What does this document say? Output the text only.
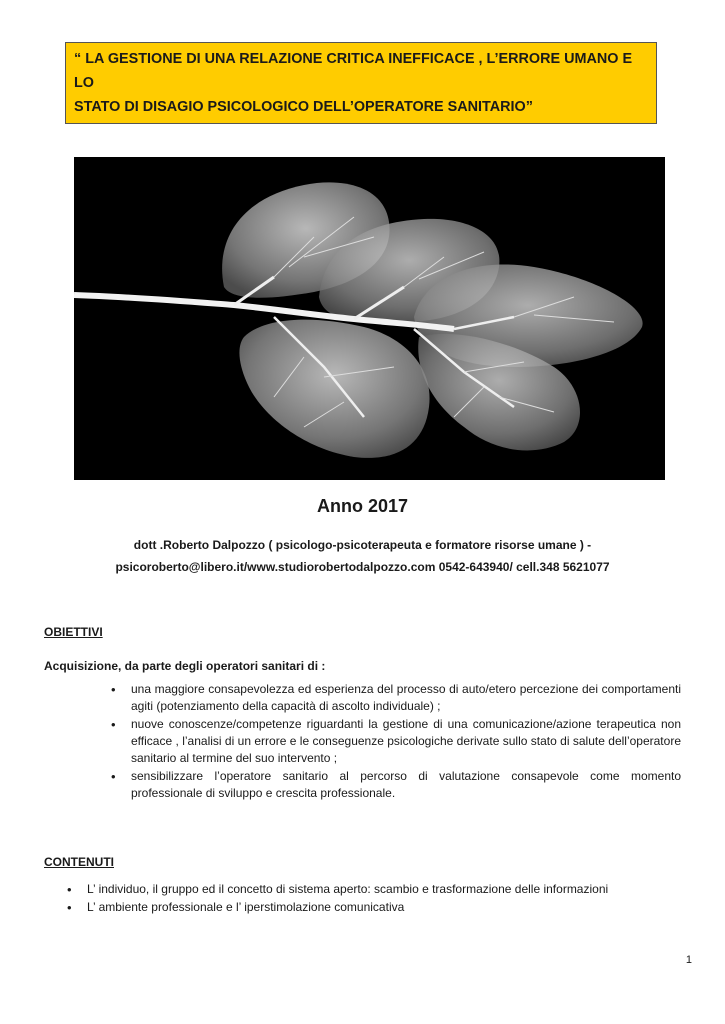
“ LA GESTIONE DI UNA RELAZIONE CRITICA INEFFICACE , L’ERRORE UMANO E LO
STATO DI DISAGIO PSICOLOGICO DELL’OPERATORE SANITARIO”
Anno 2017
dott .Roberto Dalpozzo ( psicologo-psicoterapeuta e formatore risorse umane ) -
psicoroberto@libero.it/www.studiorobertodalpozzo.com 0542-643940/ cell.348 5621077
OBIETTIVI
Acquisizione, da parte degli operatori sanitari di :
• una maggiore consapevolezza ed esperienza del processo di auto/etero percezione dei comportamenti agiti (potenziamento della capacità di ascolto individuale) ;
• nuove conoscenze/competenze riguardanti la gestione di una comunicazione/azione terapeutica non efficace , l’analisi di un errore e le conseguenze psicologiche derivate sullo stato di salute dell’operatore sanitario al termine del suo intervento ;
• sensibilizzare l’operatore sanitario al percorso di valutazione consapevole come momento professionale di sviluppo e crescita professionale.
CONTENUTI
• L’ individuo, il gruppo ed il concetto di sistema aperto: scambio e trasformazione delle informazioni
• L’ ambiente professionale e l’ iperstimolazione comunicativa
1
